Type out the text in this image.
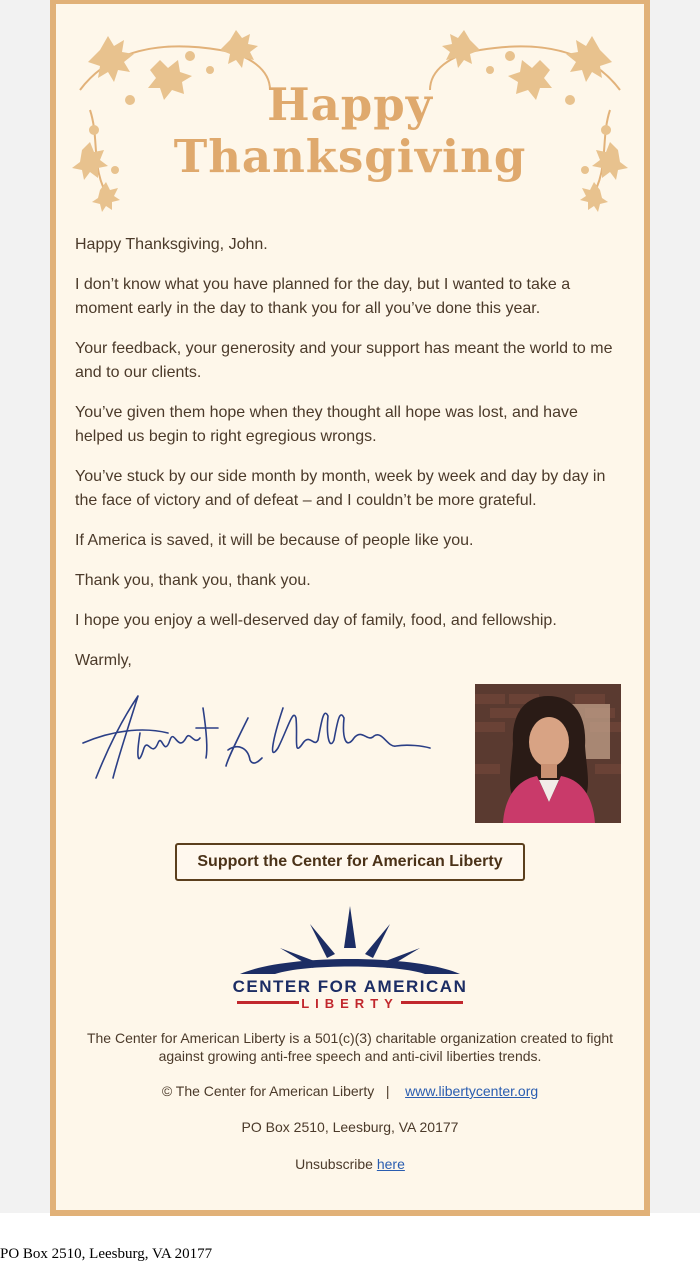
Happy
Thanksgiving

Happy Thanksgiving, John.

I don’t know what you have planned for the day, but I wanted to take a moment early in the day to thank you for all you’ve done this year.

Your feedback, your generosity and your support has meant the world to me and to our clients.

You’ve given them hope when they thought all hope was lost, and have helped us begin to right egregious wrongs.

You’ve stuck by our side month by month, week by week and day by day in the face of victory and of defeat – and I couldn’t be more grateful.

If America is saved, it will be because of people like you.

Thank you, thank you, thank you.

I hope you enjoy a well-deserved day of family, food, and fellowship.

Warmly,

Support the Center for American Liberty
CENTER FOR AMERICAN
LIBERTY

The Center for American Liberty is a 501(c)(3) charitable organization created to fight against growing anti-free speech and anti-civil liberties trends.

© The Center for American Liberty | www.libertycenter.org

PO Box 2510, Leesburg, VA 20177

Unsubscribe here

PO Box 2510, Leesburg, VA 20177
